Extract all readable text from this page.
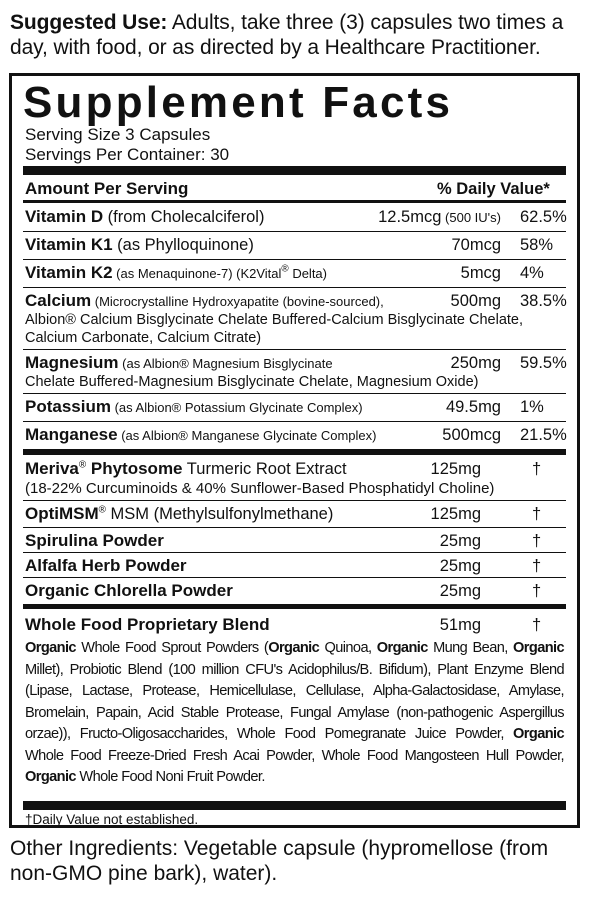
Suggested Use: Adults, take three (3) capsules two times a day, with food, or as directed by a Healthcare Practitioner.
Supplement Facts
Serving Size 3 Capsules
Servings Per Container: 30
Amount Per Serving	% Daily Value*
Vitamin D (from Cholecalciferol)	12.5mcg (500 IU's) 62.5%
Vitamin K1 (as Phylloquinone)	70mcg 58%
Vitamin K2 (as Menaquinone-7) (K2Vital® Delta)	5mcg 4%
Calcium (Microcrystalline Hydroxyapatite (bovine-sourced),	500mg 38.5%
Albion® Calcium Bisglycinate Chelate Buffered-Calcium Bisglycinate Chelate,
Calcium Carbonate, Calcium Citrate)
Magnesium (as Albion® Magnesium Bisglycinate	250mg 59.5%
Chelate Buffered-Magnesium Bisglycinate Chelate, Magnesium Oxide)
Potassium (as Albion® Potassium Glycinate Complex)	49.5mg 1%
Manganese (as Albion® Manganese Glycinate Complex)	500mcg 21.5%
Meriva® Phytosome Turmeric Root Extract	125mg	†
(18-22% Curcuminoids & 40% Sunflower-Based Phosphatidyl Choline)
OptiMSM® MSM (Methylsulfonylmethane)	125mg	†
Spirulina Powder	25mg	†
Alfalfa Herb Powder	25mg	†
Organic Chlorella Powder	25mg	†
Whole Food Proprietary Blend	51mg	†
Organic Whole Food Sprout Powders (Organic Quinoa, Organic Mung Bean, Organic Millet), Probiotic Blend (100 million CFU's Acidophilus/B. Bifidum), Plant Enzyme Blend (Lipase, Lactase, Protease, Hemicellulase, Cellulase, Alpha-Galactosidase, Amylase, Bromelain, Papain, Acid Stable Protease, Fungal Amylase (non-pathogenic Aspergillus orzae)), Fructo-Oligosaccharides, Whole Food Pomegranate Juice Powder, Organic Whole Food Freeze-Dried Fresh Acai Powder, Whole Food Mangosteen Hull Powder, Organic Whole Food Noni Fruit Powder.
†Daily Value not established.
Other Ingredients: Vegetable capsule (hypromellose (from non-GMO pine bark), water).
